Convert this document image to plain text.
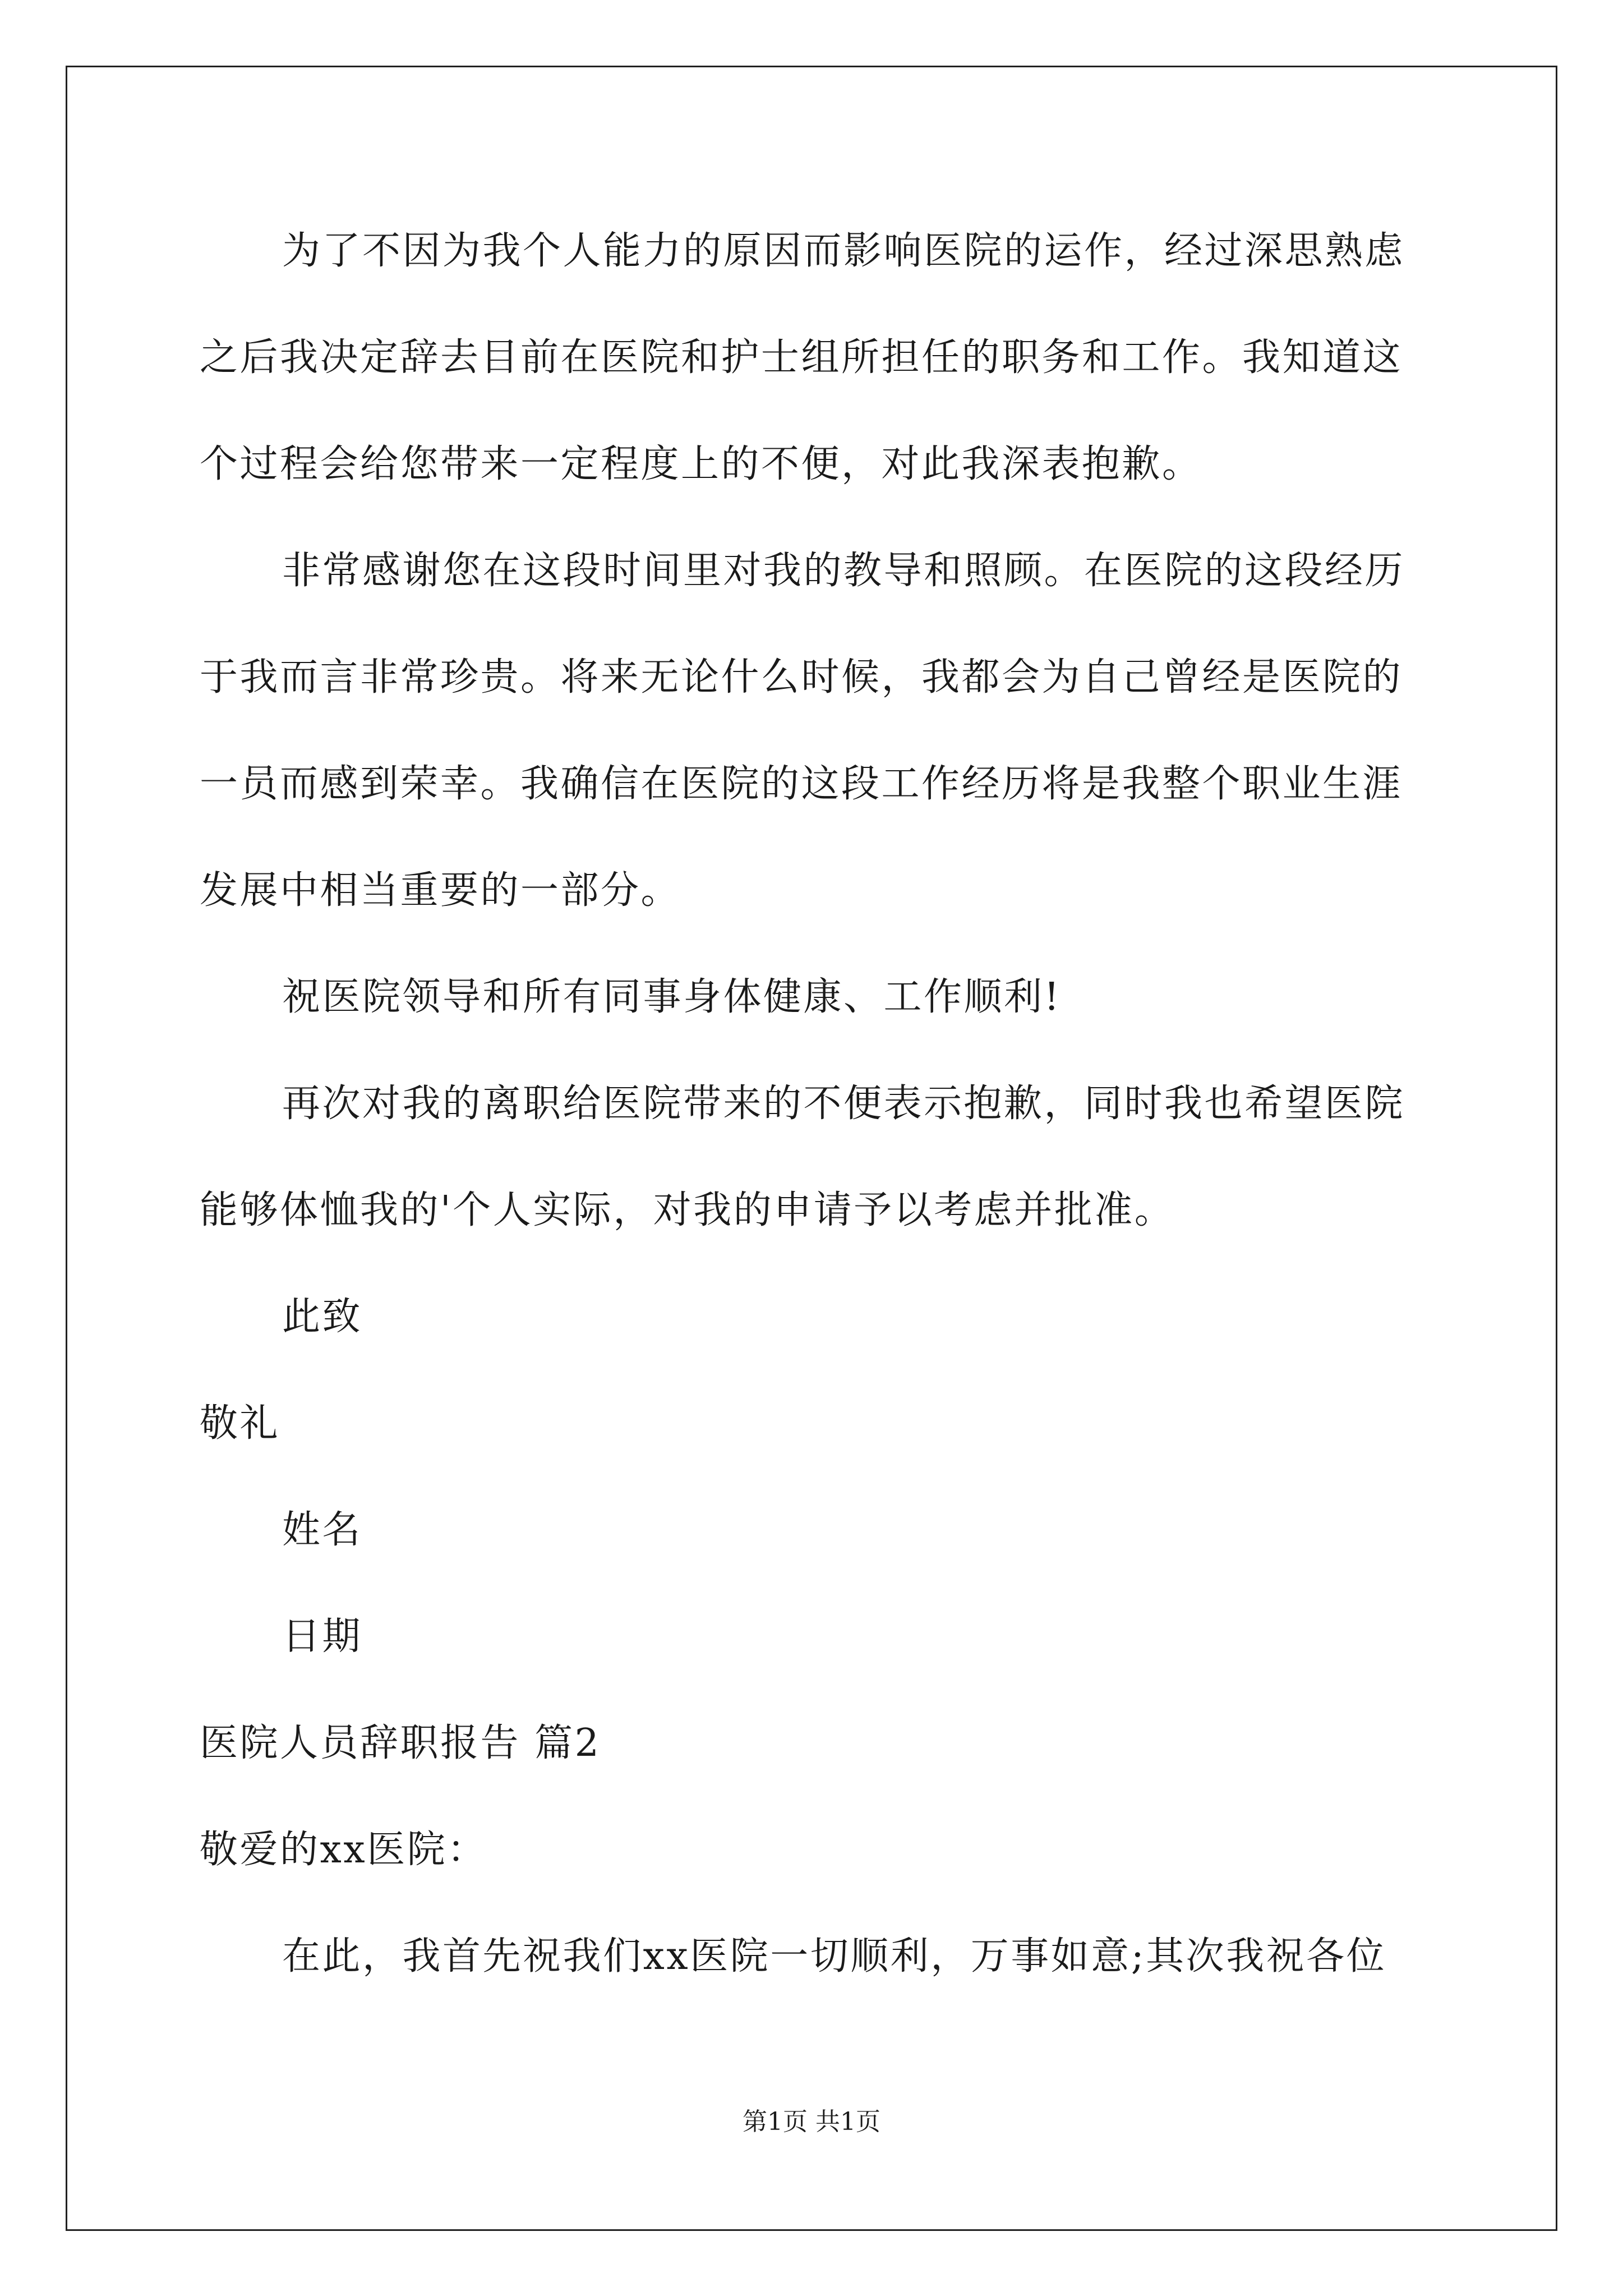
为了不因为我个人能力的原因而影响医院的运作，经过深思熟虑
之后我决定辞去目前在医院和护士组所担任的职务和工作。我知道这
个过程会给您带来一定程度上的不便，对此我深表抱歉。
非常感谢您在这段时间里对我的教导和照顾。在医院的这段经历
于我而言非常珍贵。将来无论什么时候，我都会为自己曾经是医院的
一员而感到荣幸。我确信在医院的这段工作经历将是我整个职业生涯
发展中相当重要的一部分。
祝医院领导和所有同事身体健康、工作顺利!
再次对我的离职给医院带来的不便表示抱歉，同时我也希望医院
能够体恤我的'个人实际，对我的申请予以考虑并批准。
此致
敬礼
姓名
日期
医院人员辞职报告 篇2
敬爱的xx医院：
在此，我首先祝我们xx医院一切顺利，万事如意;其次我祝各位
第1页 共1页
